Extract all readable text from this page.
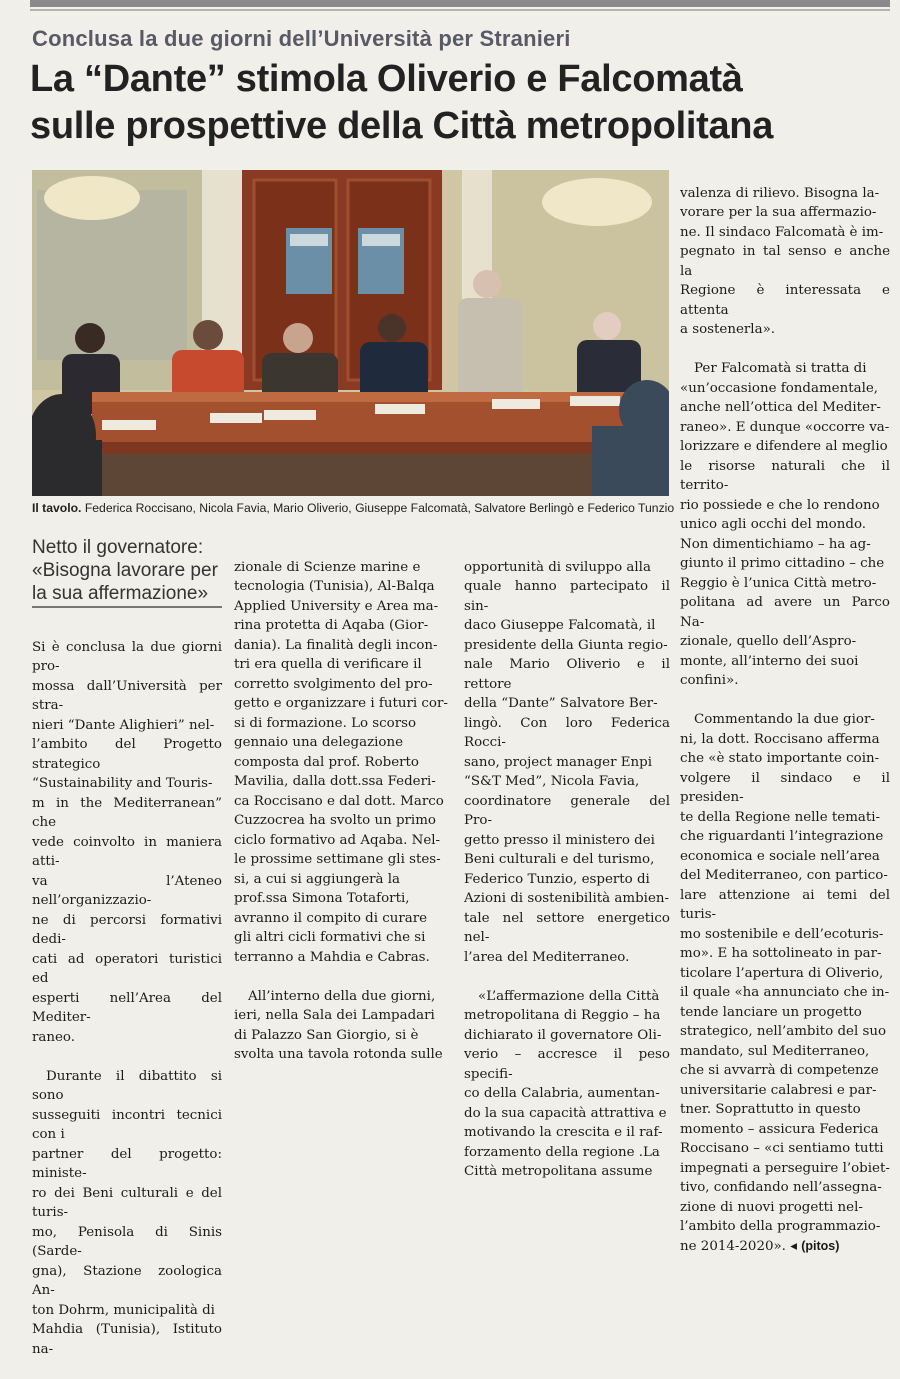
Conclusa la due giorni dell’Università per Stranieri
La “Dante” stimola Oliverio e Falcomatà
sulle prospettive della Città metropolitana
Il tavolo. Federica Roccisano, Nicola Favia, Mario Oliverio, Giuseppe Falcomatà, Salvatore Berlingò e Federico Tunzio
Netto il governatore: «Bisogna lavorare per la sua affermazione»

Si è conclusa la due giorni pro-
mossa dall’Università per stra-
nieri “Dante Alighieri” nel-
l’ambito del Progetto strategico
“Sustainability and Touris-
m in the Mediterranean” che
vede coinvolto in maniera atti-
va l’Ateneo nell’organizzazio-
ne di percorsi formativi dedi-
cati ad operatori turistici ed
esperti nell’Area del Mediter-
raneo.

Durante il dibattito si sono
susseguiti incontri tecnici con i
partner del progetto: ministe-
ro dei Beni culturali e del turis-
mo, Penisola di Sinis (Sarde-
gna), Stazione zoologica An-
ton Dohrm, municipalità di
Mahdia (Tunisia), Istituto na-

zionale di Scienze marine e
tecnologia (Tunisia), Al-Balqa
Applied University e Area ma-
rina protetta di Aqaba (Gior-
dania). La finalità degli incon-
tri era quella di verificare il
corretto svolgimento del pro-
getto e organizzare i futuri cor-
si di formazione. Lo scorso
gennaio una delegazione
composta dal prof. Roberto
Mavilia, dalla dott.ssa Federi-
ca Roccisano e dal dott. Marco
Cuzzocrea ha svolto un primo
ciclo formativo ad Aqaba. Nel-
le prossime settimane gli stes-
si, a cui si aggiungerà la
prof.ssa Simona Totaforti,
avranno il compito di curare
gli altri cicli formativi che si
terranno a Mahdia e Cabras.

All’interno della due giorni,
ieri, nella Sala dei Lampadari
di Palazzo San Giorgio, si è
svolta una tavola rotonda sulle

opportunità di sviluppo alla
quale hanno partecipato il sin-
daco Giuseppe Falcomatà, il
presidente della Giunta regio-
nale Mario Oliverio e il rettore
della “Dante” Salvatore Ber-
lingò. Con loro Federica Rocci-
sano, project manager Enpi
“S&T Med”, Nicola Favia,
coordinatore generale del Pro-
getto presso il ministero dei
Beni culturali e del turismo,
Federico Tunzio, esperto di
Azioni di sostenibilità ambien-
tale nel settore energetico nel-
l’area del Mediterraneo.

«L’affermazione della Città
metropolitana di Reggio – ha
dichiarato il governatore Oli-
verio – accresce il peso specifi-
co della Calabria, aumentan-
do la sua capacità attrattiva e
motivando la crescita e il raf-
forzamento della regione .La
Città metropolitana assume

valenza di rilievo. Bisogna la-
vorare per la sua affermazio-
ne. Il sindaco Falcomatà è im-
pegnato in tal senso e anche la
Regione è interessata e attenta
a sostenerla».

Per Falcomatà si tratta di
«un’occasione fondamentale,
anche nell’ottica del Mediter-
raneo». E dunque «occorre va-
lorizzare e difendere al meglio
le risorse naturali che il territo-
rio possiede e che lo rendono
unico agli occhi del mondo.
Non dimentichiamo – ha ag-
giunto il primo cittadino – che
Reggio è l’unica Città metro-
politana ad avere un Parco Na-
zionale, quello dell’Aspro-
monte, all’interno dei suoi
confini».

Commentando la due gior-
ni, la dott. Roccisano afferma
che «è stato importante coin-
volgere il sindaco e il presiden-
te della Regione nelle temati-
che riguardanti l’integrazione
economica e sociale nell’area
del Mediterraneo, con partico-
lare attenzione ai temi del turis-
mo sostenibile e dell’ecoturis-
mo». E ha sottolineato in par-
ticolare l’apertura di Oliverio,
il quale «ha annunciato che in-
tende lanciare un progetto
strategico, nell’ambito del suo
mandato, sul Mediterraneo,
che si avvarrà di competenze
universitarie calabresi e par-
tner. Soprattutto in questo
momento – assicura Federica
Roccisano – «ci sentiamo tutti
impegnati a perseguire l’obiet-
tivo, confidando nell’assegna-
zione di nuovi progetti nel-
l’ambito della programmazio-
ne 2014-2020». ◂ (pitos)
